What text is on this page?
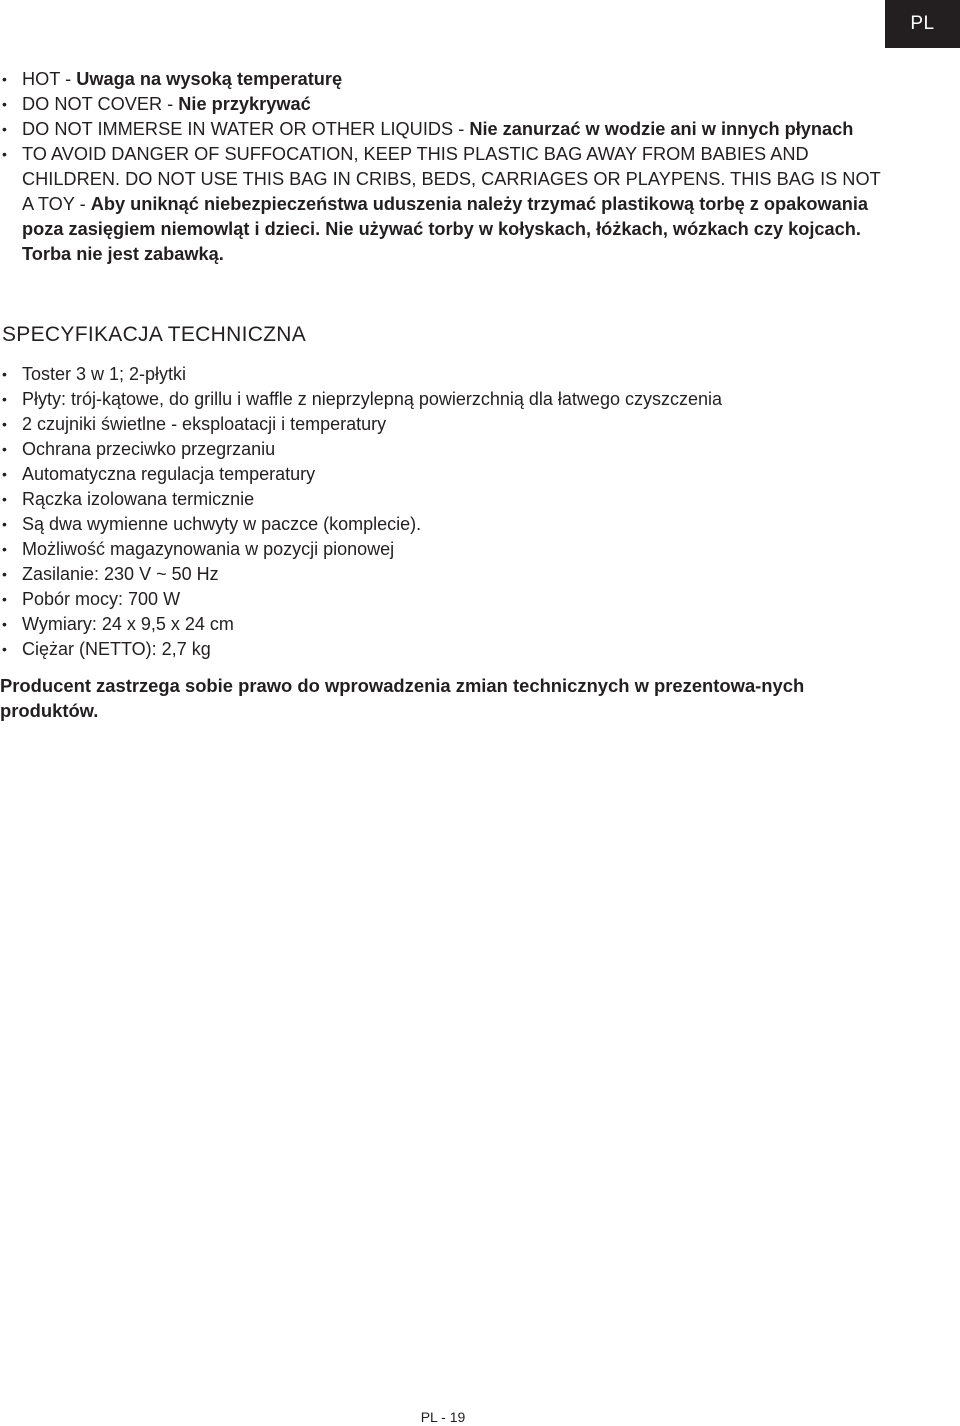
PL
• HOT - Uwaga na wysoką temperaturę
• DO NOT COVER - Nie przykrywać
• DO NOT IMMERSE IN WATER OR OTHER LIQUIDS - Nie zanurzać w wodzie ani w innych płynach
• TO AVOID DANGER OF SUFFOCATION, KEEP THIS PLASTIC BAG AWAY FROM BABIES AND CHILDREN. DO NOT USE THIS BAG IN CRIBS, BEDS, CARRIAGES OR PLAYPENS. THIS BAG IS NOT A TOY - Aby uniknąć niebezpieczeństwa uduszenia należy trzymać plastikową torbę z opakowania poza zasięgiem niemowląt i dzieci. Nie używać torby w kołyskach, łóżkach, wózkach czy kojcach. Torba nie jest zabawką.
SPECYFIKACJA TECHNICZNA
• Toster 3 w 1; 2-płytki
• Płyty: trój-kątowe, do grillu i waffle z nieprzylepną powierzchnią dla łatwego czyszczenia
• 2 czujniki świetlne - eksploatacji i temperatury
• Ochrana przeciwko przegrzaniu
• Automatyczna regulacja temperatury
• Rączka izolowana termicznie
• Są dwa wymienne uchwyty w paczce (komplecie).
• Możliwość magazynowania w pozycji pionowej
• Zasilanie: 230 V ~ 50 Hz
• Pobór mocy: 700 W
• Wymiary: 24 x 9,5 x 24 cm
• Ciężar (NETTO): 2,7 kg

Producent zastrzega sobie prawo do wprowadzenia zmian technicznych w prezentowa-nych produktów.

PL - 19
